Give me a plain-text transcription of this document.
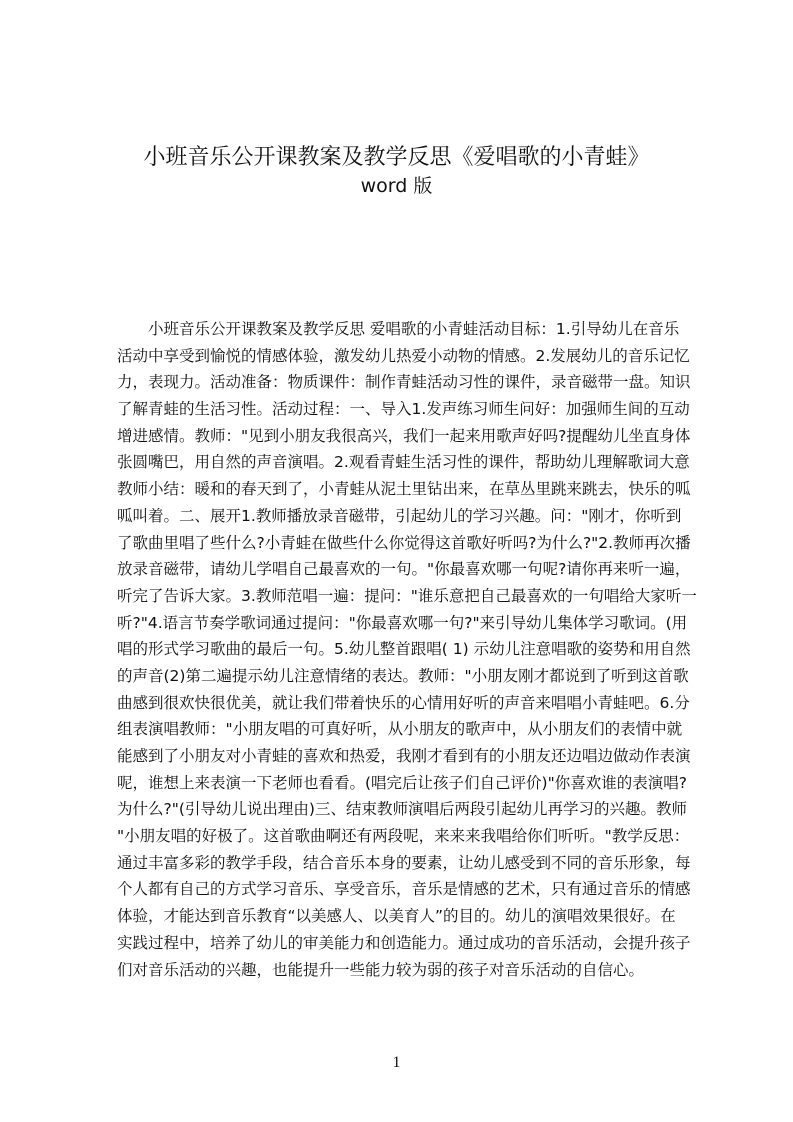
小班音乐公开课教案及教学反思《爱唱歌的小青蛙》
word 版
小班音乐公开课教案及教学反思 爱唱歌的小青蛙活动目标：1.引导幼儿在音乐
活动中享受到愉悦的情感体验，激发幼儿热爱小动物的情感。2.发展幼儿的音乐记忆
力，表现力。活动准备：物质课件：制作青蛙活动习性的课件，录音磁带一盘。知识
了解青蛙的生活习性。活动过程：一、导入1.发声练习师生问好：加强师生间的互动
增进感情。教师："见到小朋友我很高兴，我们一起来用歌声好吗?提醒幼儿坐直身体
张圆嘴巴，用自然的声音演唱。2.观看青蛙生活习性的课件，帮助幼儿理解歌词大意
教师小结：暖和的春天到了，小青蛙从泥土里钻出来，在草丛里跳来跳去，快乐的呱
呱叫着。二、展开1.教师播放录音磁带，引起幼儿的学习兴趣。问："刚才，你听到
了歌曲里唱了些什么?小青蛙在做些什么你觉得这首歌好听吗?为什么?"2.教师再次播
放录音磁带，请幼儿学唱自己最喜欢的一句。"你最喜欢哪一句呢?请你再来听一遍，
听完了告诉大家。3.教师范唱一遍：提问："谁乐意把自己最喜欢的一句唱给大家听一
听?"4.语言节奏学歌词通过提问："你最喜欢哪一句?"来引导幼儿集体学习歌词。(用
唱的形式学习歌曲的最后一句。5.幼儿整首跟唱( 1) 示幼儿注意唱歌的姿势和用自然
的声音(2)第二遍提示幼儿注意情绪的表达。教师："小朋友刚才都说到了听到这首歌
曲感到很欢快很优美，就让我们带着快乐的心情用好听的声音来唱唱小青蛙吧。6.分
组表演唱教师："小朋友唱的可真好听，从小朋友的歌声中，从小朋友们的表情中就
能感到了小朋友对小青蛙的喜欢和热爱，我刚才看到有的小朋友还边唱边做动作表演
呢，谁想上来表演一下老师也看看。(唱完后让孩子们自己评价)"你喜欢谁的表演唱?
为什么?"(引导幼儿说出理由)三、结束教师演唱后两段引起幼儿再学习的兴趣。教师
"小朋友唱的好极了。这首歌曲啊还有两段呢，来来来我唱给你们听听。"教学反思：
通过丰富多彩的教学手段，结合音乐本身的要素，让幼儿感受到不同的音乐形象，每
个人都有自己的方式学习音乐、享受音乐，音乐是情感的艺术，只有通过音乐的情感
体验，才能达到音乐教育“以美感人、以美育人”的目的。幼儿的演唱效果很好。在
实践过程中，培养了幼儿的审美能力和创造能力。通过成功的音乐活动，会提升孩子
们对音乐活动的兴趣，也能提升一些能力较为弱的孩子对音乐活动的自信心。
1
